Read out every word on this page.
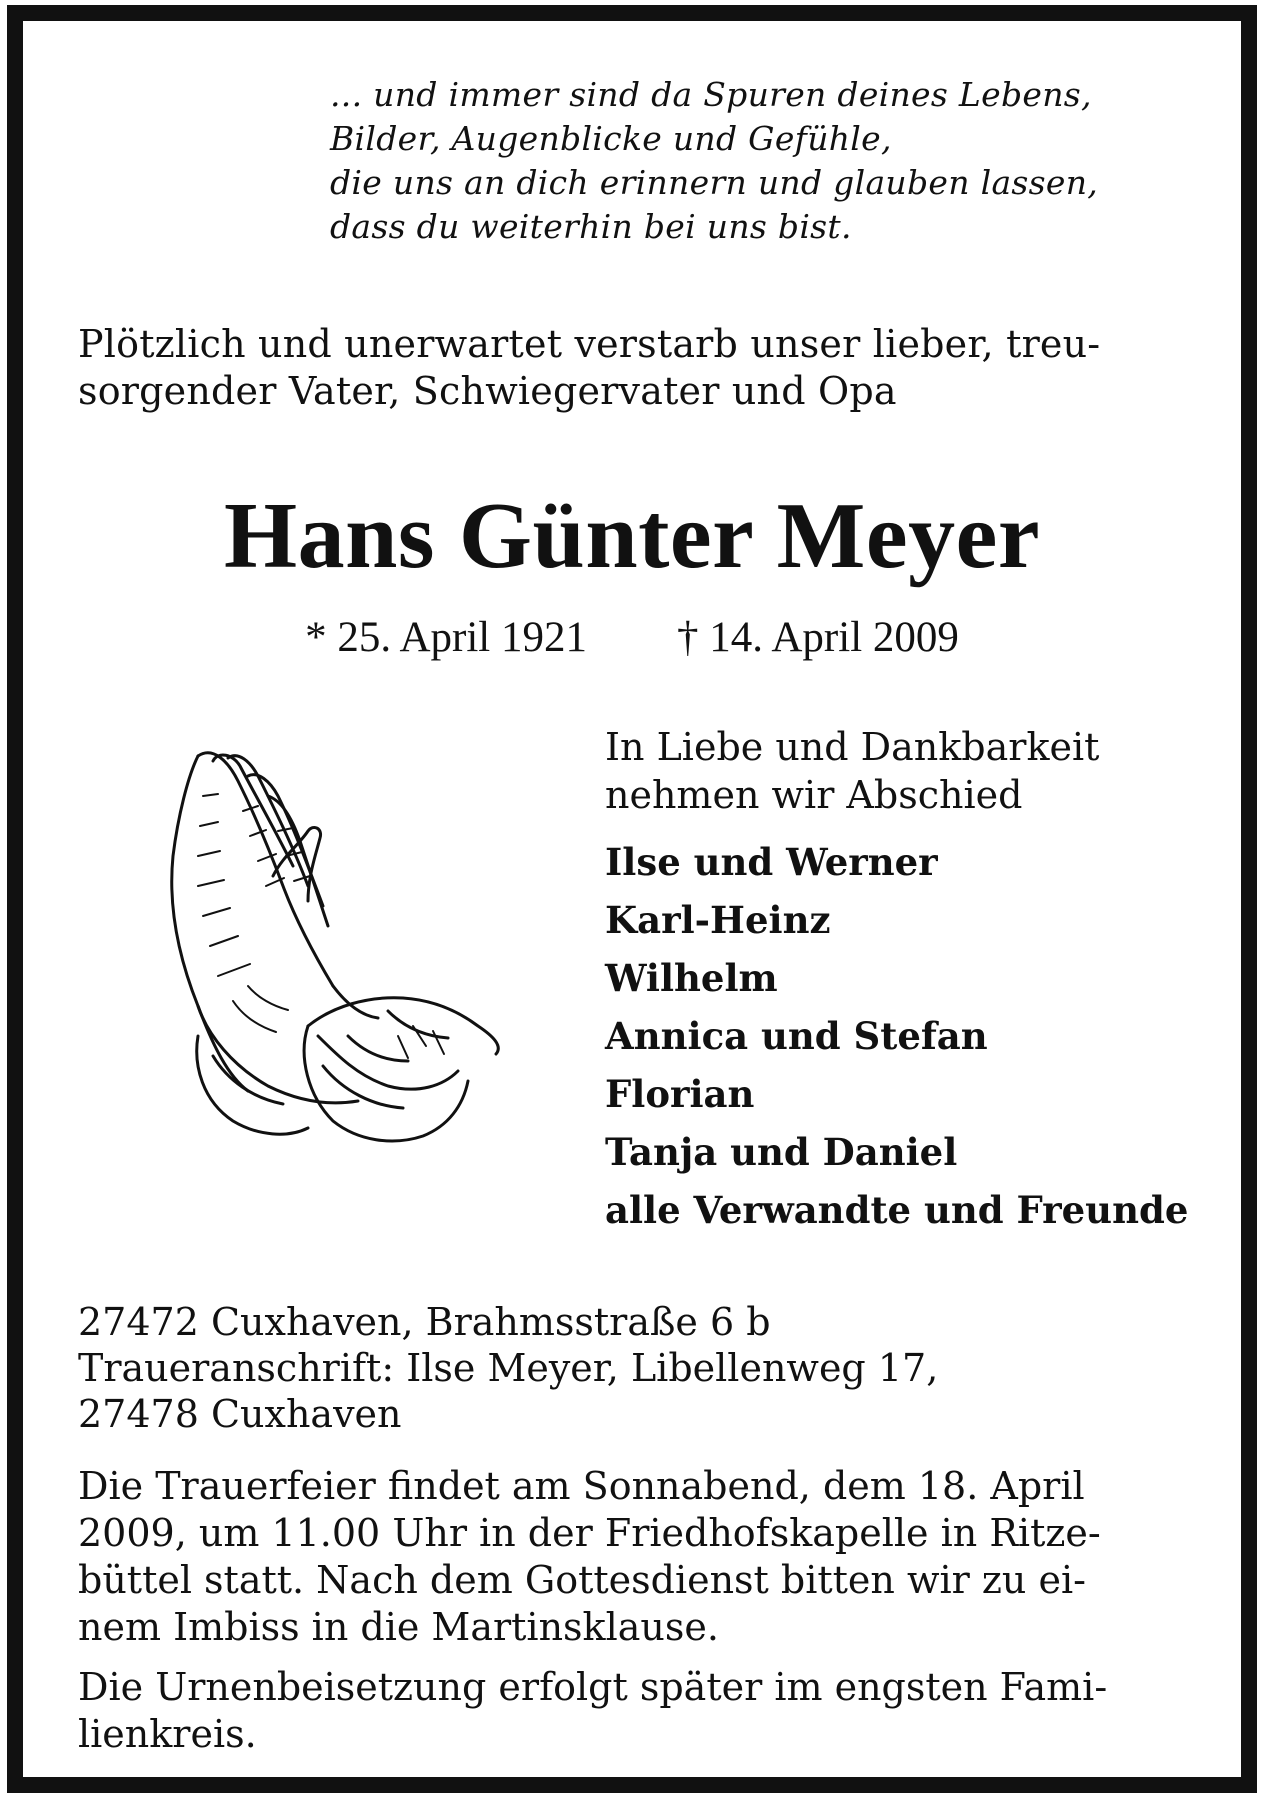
... und immer sind da Spuren deines Lebens,
Bilder, Augenblicke und Gefühle,
die uns an dich erinnern und glauben lassen,
dass du weiterhin bei uns bist.
Plötzlich und unerwartet verstarb unser lieber, treu-
sorgender Vater, Schwiegervater und Opa
Hans Günter Meyer
* 25. April 1921 † 14. April 2009
In Liebe und Dankbarkeit
nehmen wir Abschied
Ilse und Werner
Karl-Heinz
Wilhelm
Annica und Stefan
Florian
Tanja und Daniel
alle Verwandte und Freunde
27472 Cuxhaven, Brahmsstraße 6 b
Traueranschrift: Ilse Meyer, Libellenweg 17,
27478 Cuxhaven
Die Trauerfeier findet am Sonnabend, dem 18. April
2009, um 11.00 Uhr in der Friedhofskapelle in Ritze-
büttel statt. Nach dem Gottesdienst bitten wir zu ei-
nem Imbiss in die Martinsklause.
Die Urnenbeisetzung erfolgt später im engsten Fami-
lienkreis.
